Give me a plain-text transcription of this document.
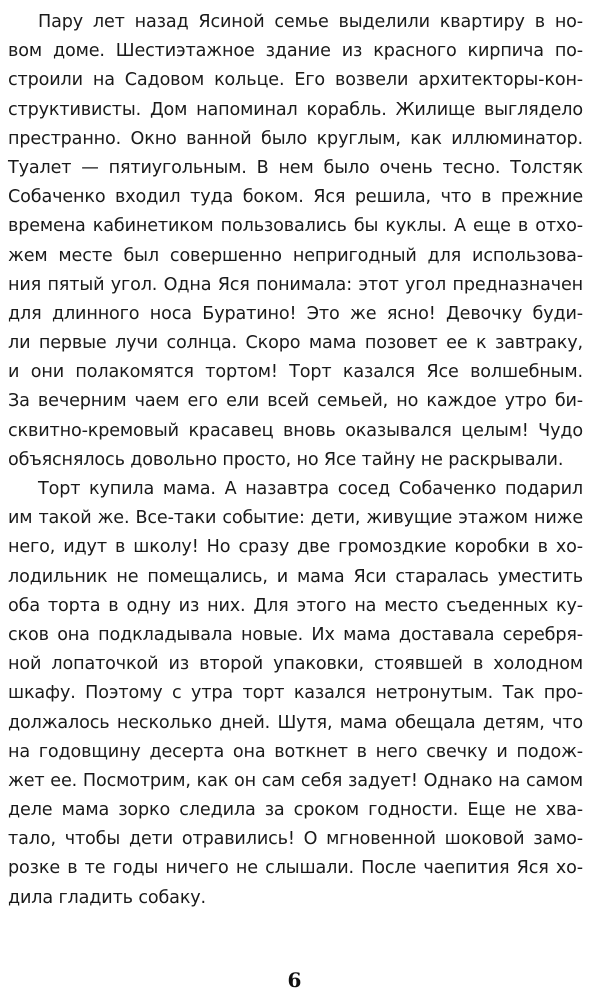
Пару лет назад Ясиной семье выделили квартиру в но-
вом доме. Шестиэтажное здание из красного кирпича по-
строили на Садовом кольце. Его возвели архитекторы-кон-
структивисты. Дом напоминал корабль. Жилище выглядело
престранно. Окно ванной было круглым, как иллюминатор.
Туалет — пятиугольным. В нем было очень тесно. Толстяк
Собаченко входил туда боком. Яся решила, что в прежние
времена кабинетиком пользовались бы куклы. А еще в отхо-
жем месте был совершенно непригодный для использова-
ния пятый угол. Одна Яся понимала: этот угол предназначен
для длинного носа Буратино! Это же ясно! Девочку буди-
ли первые лучи солнца. Скоро мама позовет ее к завтраку,
и они полакомятся тортом! Торт казался Ясе волшебным.
За вечерним чаем его ели всей семьей, но каждое утро би-
сквитно-кремовый красавец вновь оказывался целым! Чудо
объяснялось довольно просто, но Ясе тайну не раскрывали.
Торт купила мама. А назавтра сосед Собаченко подарил
им такой же. Все-таки событие: дети, живущие этажом ниже
него, идут в школу! Но сразу две громоздкие коробки в хо-
лодильник не помещались, и мама Яси старалась уместить
оба торта в одну из них. Для этого на место съеденных ку-
сков она подкладывала новые. Их мама доставала серебря-
ной лопаточкой из второй упаковки, стоявшей в холодном
шкафу. Поэтому с утра торт казался нетронутым. Так про-
должалось несколько дней. Шутя, мама обещала детям, что
на годовщину десерта она воткнет в него свечку и подож-
жет ее. Посмотрим, как он сам себя задует! Однако на самом
деле мама зорко следила за сроком годности. Еще не хва-
тало, чтобы дети отравились! О мгновенной шоковой замо-
розке в те годы ничего не слышали. После чаепития Яся хо-
дила гладить собаку.
6
